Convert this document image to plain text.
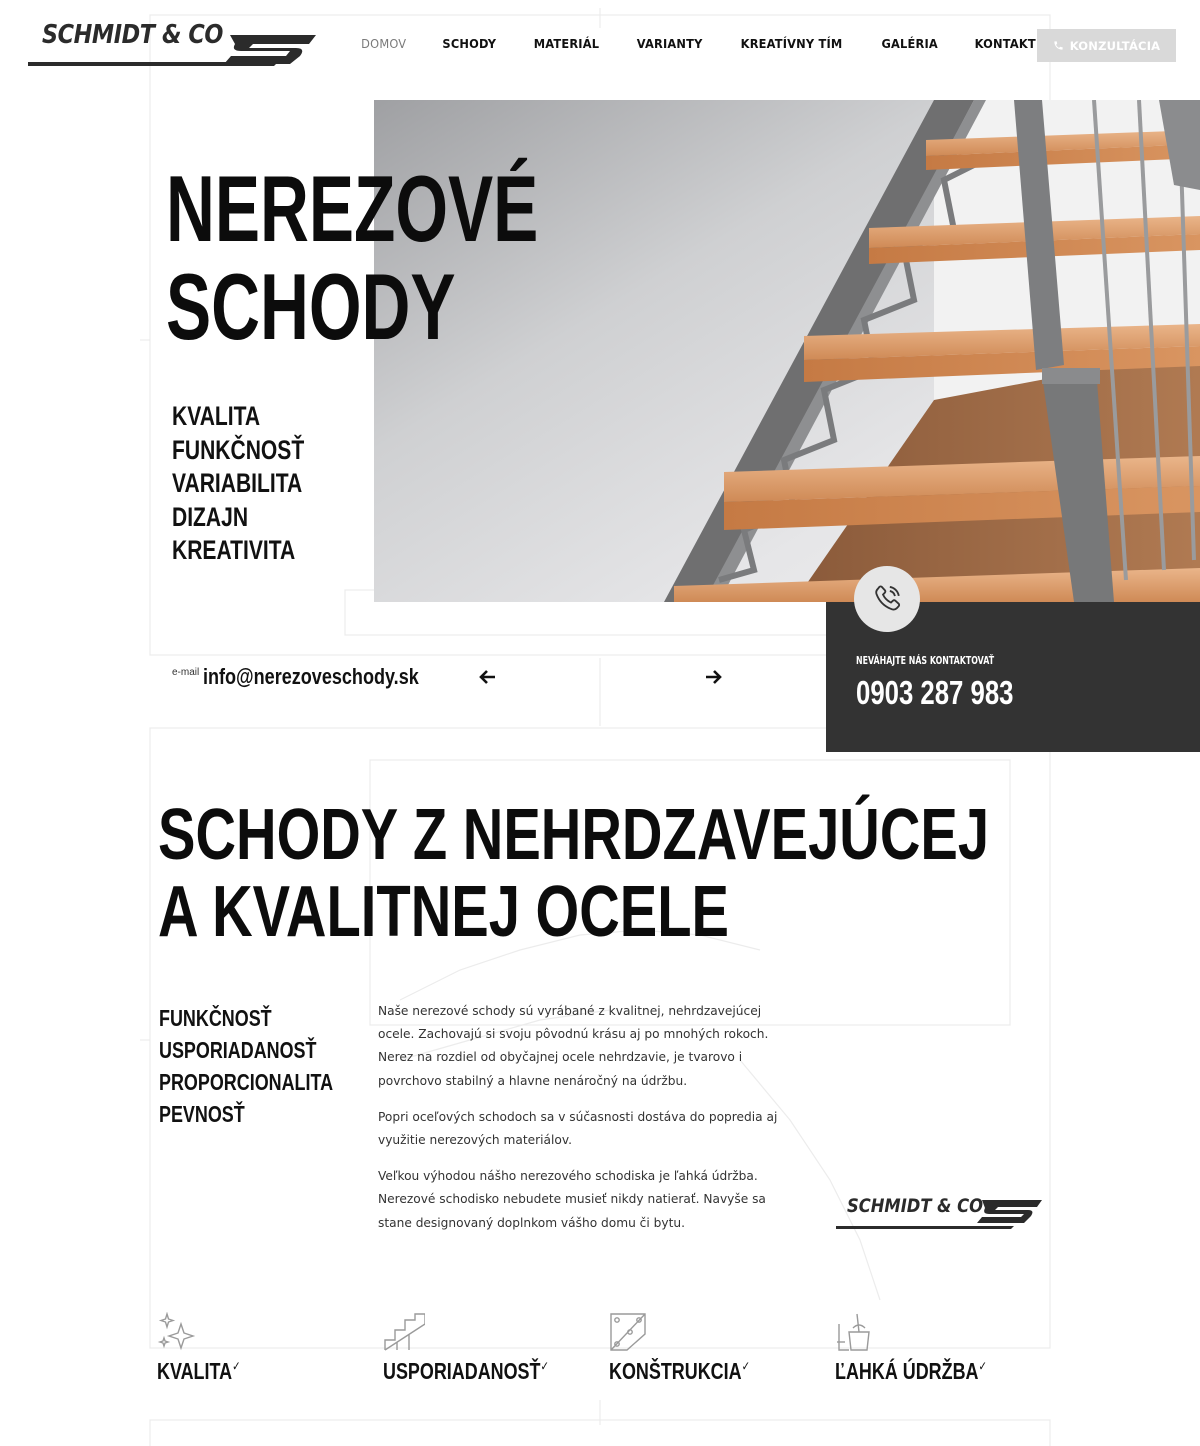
SCHMIDT & CO	DOMOV	SCHODY	MATERIÁL	VARIANTY	KREATÍVNY TÍM	GALÉRIA	KONTAKT	KONZULTÁCIA
NEREZOVÉ
SCHODY
KVALITA
FUNKČNOSŤ
VARIABILITA
DIZAJN
KREATIVITA
e-mail info@nerezoveschody.sk
NEVÁHAJTE NÁS KONTAKTOVAŤ
0903 287 983
SCHODY Z NEHRDZAVEJÚCEJ
A KVALITNEJ OCELE
FUNKČNOSŤ
USPORIADANOSŤ
PROPORCIONALITA
PEVNOSŤ

Naše nerezové schody sú vyrábané z kvalitnej, nehrdzavejúcej ocele. Zachovajú si svoju pôvodnú krásu aj po mnohých rokoch. Nerez na rozdiel od obyčajnej ocele nehrdzavie, je tvarovo i povrchovo stabilný a hlavne nenáročný na údržbu.

Popri oceľových schodoch sa v súčasnosti dostáva do popredia aj využitie nerezových materiálov.

Veľkou výhodou nášho nerezového schodiska je ľahká údržba. Nerezové schodisko nebudete musieť nikdy natierať. Navyše sa stane designovaný doplnkom vášho domu či bytu.

SCHMIDT & CO
KVALITA✓	USPORIADANOSŤ✓	KONŠTRUKCIA✓	ĽAHKÁ ÚDRŽBA✓
